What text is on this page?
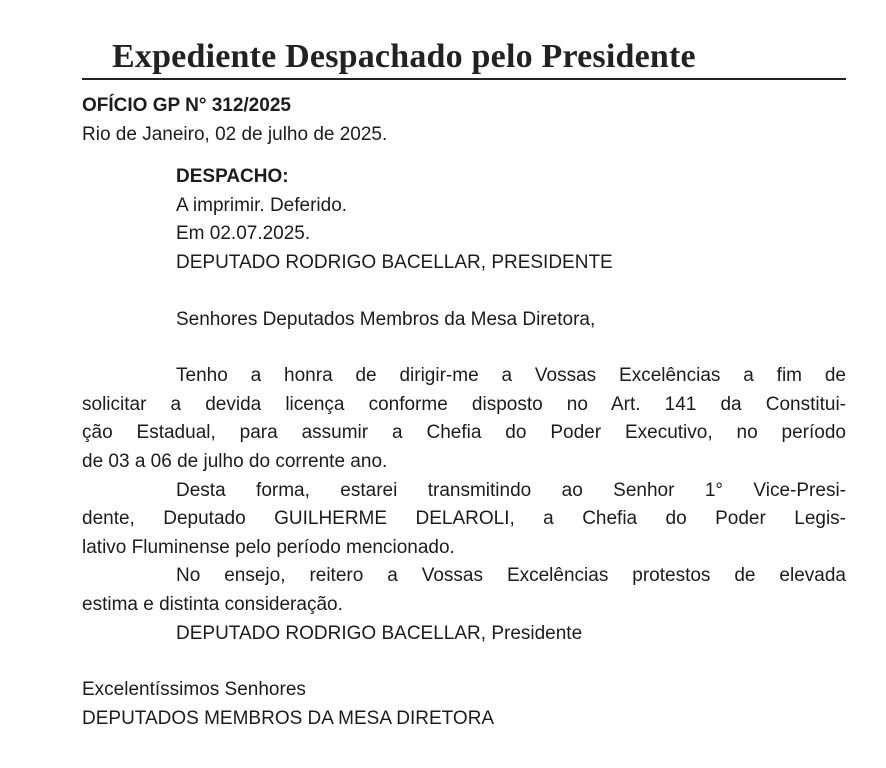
Expediente Despachado pelo Presidente
OFÍCIO GP N° 312/2025
Rio de Janeiro, 02 de julho de 2025.
DESPACHO:
A imprimir. Deferido.
Em 02.07.2025.
DEPUTADO RODRIGO BACELLAR, PRESIDENTE
Senhores Deputados Membros da Mesa Diretora,
Tenho a honra de dirigir-me a Vossas Excelências a fim de
solicitar a devida licença conforme disposto no Art. 141 da Constitui-
ção Estadual, para assumir a Chefia do Poder Executivo, no período
de 03 a 06 de julho do corrente ano.
Desta forma, estarei transmitindo ao Senhor 1° Vice-Presi-
dente, Deputado GUILHERME DELAROLI, a Chefia do Poder Legis-
lativo Fluminense pelo período mencionado.
No ensejo, reitero a Vossas Excelências protestos de elevada
estima e distinta consideração.
DEPUTADO RODRIGO BACELLAR, Presidente
Excelentíssimos Senhores
DEPUTADOS MEMBROS DA MESA DIRETORA
